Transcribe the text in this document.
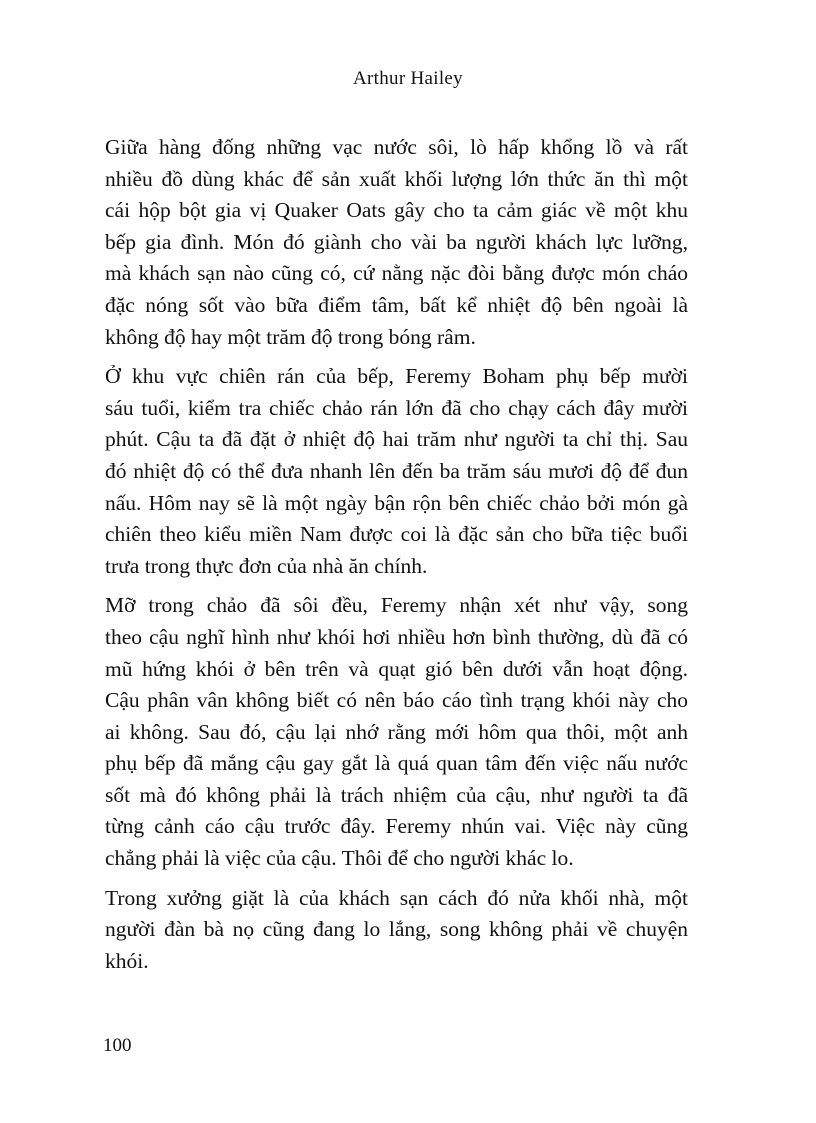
Arthur Hailey

Giữa hàng đống những vạc nước sôi, lò hấp khổng lồ và rất
nhiều đồ dùng khác để sản xuất khối lượng lớn thức ăn thì một
cái hộp bột gia vị Quaker Oats gây cho ta cảm giác về một khu
bếp gia đình. Món đó giành cho vài ba người khách lực lưỡng,
mà khách sạn nào cũng có, cứ nằng nặc đòi bằng được món cháo
đặc nóng sốt vào bữa điểm tâm, bất kể nhiệt độ bên ngoài là
không độ hay một trăm độ trong bóng râm.

Ở khu vực chiên rán của bếp, Feremy Boham phụ bếp mười
sáu tuổi, kiểm tra chiếc chảo rán lớn đã cho chạy cách đây mười
phút. Cậu ta đã đặt ở nhiệt độ hai trăm như người ta chỉ thị. Sau
đó nhiệt độ có thể đưa nhanh lên đến ba trăm sáu mươi độ để đun
nấu. Hôm nay sẽ là một ngày bận rộn bên chiếc chảo bởi món gà
chiên theo kiểu miền Nam được coi là đặc sản cho bữa tiệc buổi
trưa trong thực đơn của nhà ăn chính.

Mỡ trong chảo đã sôi đều, Feremy nhận xét như vậy, song
theo cậu nghĩ hình như khói hơi nhiều hơn bình thường, dù đã có
mũ hứng khói ở bên trên và quạt gió bên dưới vẫn hoạt động.
Cậu phân vân không biết có nên báo cáo tình trạng khói này cho
ai không. Sau đó, cậu lại nhớ rằng mới hôm qua thôi, một anh
phụ bếp đã mắng cậu gay gắt là quá quan tâm đến việc nấu nước
sốt mà đó không phải là trách nhiệm của cậu, như người ta đã
từng cảnh cáo cậu trước đây. Feremy nhún vai. Việc này cũng
chẳng phải là việc của cậu. Thôi để cho người khác lo.

Trong xưởng giặt là của khách sạn cách đó nửa khối nhà, một
người đàn bà nọ cũng đang lo lắng, song không phải về chuyện
khói.

100
